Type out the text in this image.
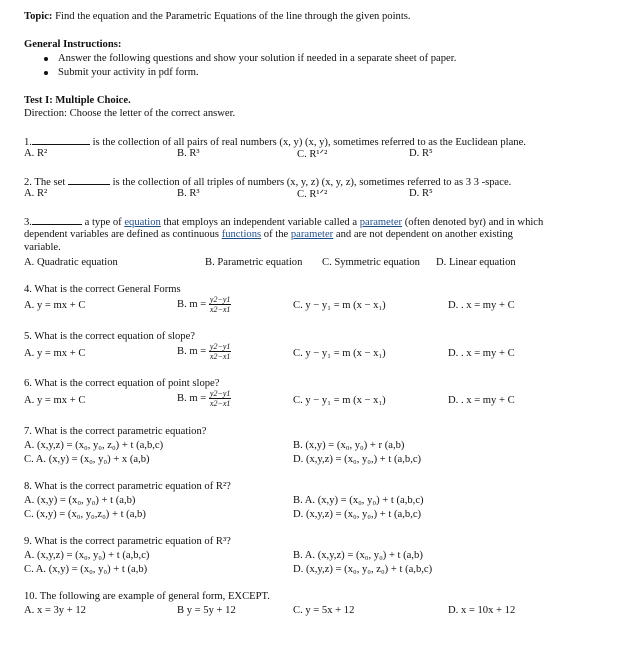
Topic: Find the equation and the Parametric Equations of the line through the given points.
General Instructions:
Answer the following questions and show your solution if needed in a separate sheet of paper.
Submit your activity in pdf form.
Test I: Multiple Choice.
Direction: Choose the letter of the correct answer.
1.	is the collection of all pairs of real numbers (x, y) (x, y), sometimes referred to as the Euclidean plane.
A. R²	B. R³	C. R¹ᐟ²	D. R⁵
2. The set	is the collection of all triples of numbers (x, y, z) (x, y, z), sometimes referred to as 3 3 -space.
A. R²	B. R³	C. R¹ᐟ²	D. R⁵
3.	a type of equation that employs an independent variable called a parameter (often denoted byt) and in which
dependent variables are defined as continuous functions of the parameter and are not dependent on another existing
variable.
A. Quadratic equation	B. Parametric equation C. Symmetric equation D. Linear equation
4. What is the correct General Forms
A. y = mx + C	B. $m = \frac{y2-y1}{x2-x1}$	C. y − y₁ = m (x − x₁)	D. . x = my + C
5. What is the correct equation of slope?
A. y = mx + C	B. $m = \frac{y2-y1}{x2-x1}$	C. y − y₁ = m (x − x₁)	D. . x = my + C
6. What is the correct equation of point slope?
A. y = mx + C	B. $m = \frac{y2-y1}{x2-x1}$	C. y − y₁ = m (x − x₁)	D. . x = my + C
7. What is the correct parametric equation?
A. (x,y,z) = (x₀, y₀, z₀) + t (a,b,c)	B. (x,y) = (x₀, y₀) + r (a,b)
C. A. (x,y) = (x₀, y₀) + x (a,b)	D. (x,y,z) = (x₀, y₀,) + t (a,b,c)
8. What is the correct parametric equation of R²?
A. (x,y) = (x₀, y₀) + t (a,b)	B. A. (x,y) = (x₀, y₀) + t (a,b,c)
C. (x,y) = (x₀, y₀,z₀) + t (a,b)	D. (x,y,z) = (x₀, y₀,) + t (a,b,c)
9. What is the correct parametric equation of R³?
A. (x,y,z) = (x₀, y₀) + t (a,b,c)	B. A. (x,y,z) = (x₀, y₀) + t (a,b)
C. A. (x,y) = (x₀, y₀) + t (a,b)	D. (x,y,z) = (x₀, y₀, z₀) + t (a,b,c)
10. The following are example of general form, EXCEPT.
A. x = 3y + 12	B y = 5y + 12	C. y = 5x + 12	D. x = 10x + 12
